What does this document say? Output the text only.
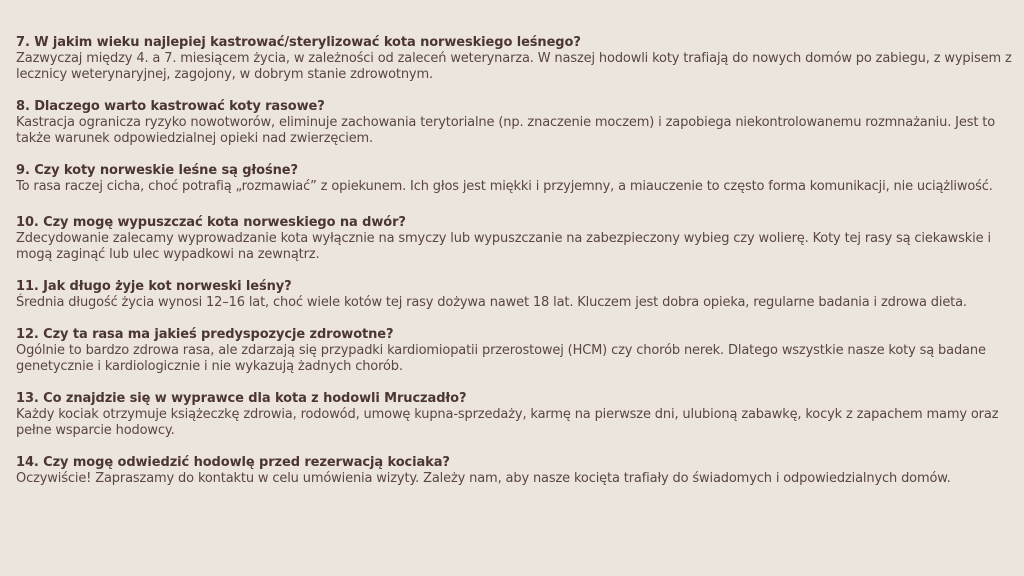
7. W jakim wieku najlepiej kastrować/sterylizować kota norweskiego leśnego?
Zazwyczaj między 4. a 7. miesiącem życia, w zależności od zaleceń weterynarza. W naszej hodowli koty trafiają do nowych domów po zabiegu, z wypisem z lecznicy weterynaryjnej, zagojony, w dobrym stanie zdrowotnym.
8. Dlaczego warto kastrować koty rasowe?
Kastracja ogranicza ryzyko nowotworów, eliminuje zachowania terytorialne (np. znaczenie moczem) i zapobiega niekontrolowanemu rozmnażaniu. Jest to także warunek odpowiedzialnej opieki nad zwierzęciem.
9. Czy koty norweskie leśne są głośne?
To rasa raczej cicha, choć potrafią „rozmawiać” z opiekunem. Ich głos jest miękki i przyjemny, a miauczenie to często forma komunikacji, nie uciążliwość.
10. Czy mogę wypuszczać kota norweskiego na dwór?
Zdecydowanie zalecamy wyprowadzanie kota wyłącznie na smyczy lub wypuszczanie na zabezpieczony wybieg czy wolierę. Koty tej rasy są ciekawskie i mogą zaginąć lub ulec wypadkowi na zewnątrz.
11. Jak długo żyje kot norweski leśny?
Średnia długość życia wynosi 12–16 lat, choć wiele kotów tej rasy dożywa nawet 18 lat. Kluczem jest dobra opieka, regularne badania i zdrowa dieta.
12. Czy ta rasa ma jakieś predyspozycje zdrowotne?
Ogólnie to bardzo zdrowa rasa, ale zdarzają się przypadki kardiomiopatii przerostowej (HCM) czy chorób nerek. Dlatego wszystkie nasze koty są badane genetycznie i kardiologicznie i nie wykazują żadnych chorób.
13. Co znajdzie się w wyprawce dla kota z hodowli Mruczadło?
Każdy kociak otrzymuje książeczkę zdrowia, rodowód, umowę kupna-sprzedaży, karmę na pierwsze dni, ulubioną zabawkę, kocyk z zapachem mamy oraz pełne wsparcie hodowcy.
14. Czy mogę odwiedzić hodowlę przed rezerwacją kociaka?
Oczywiście! Zapraszamy do kontaktu w celu umówienia wizyty. Zależy nam, aby nasze kocięta trafiały do świadomych i odpowiedzialnych domów.
